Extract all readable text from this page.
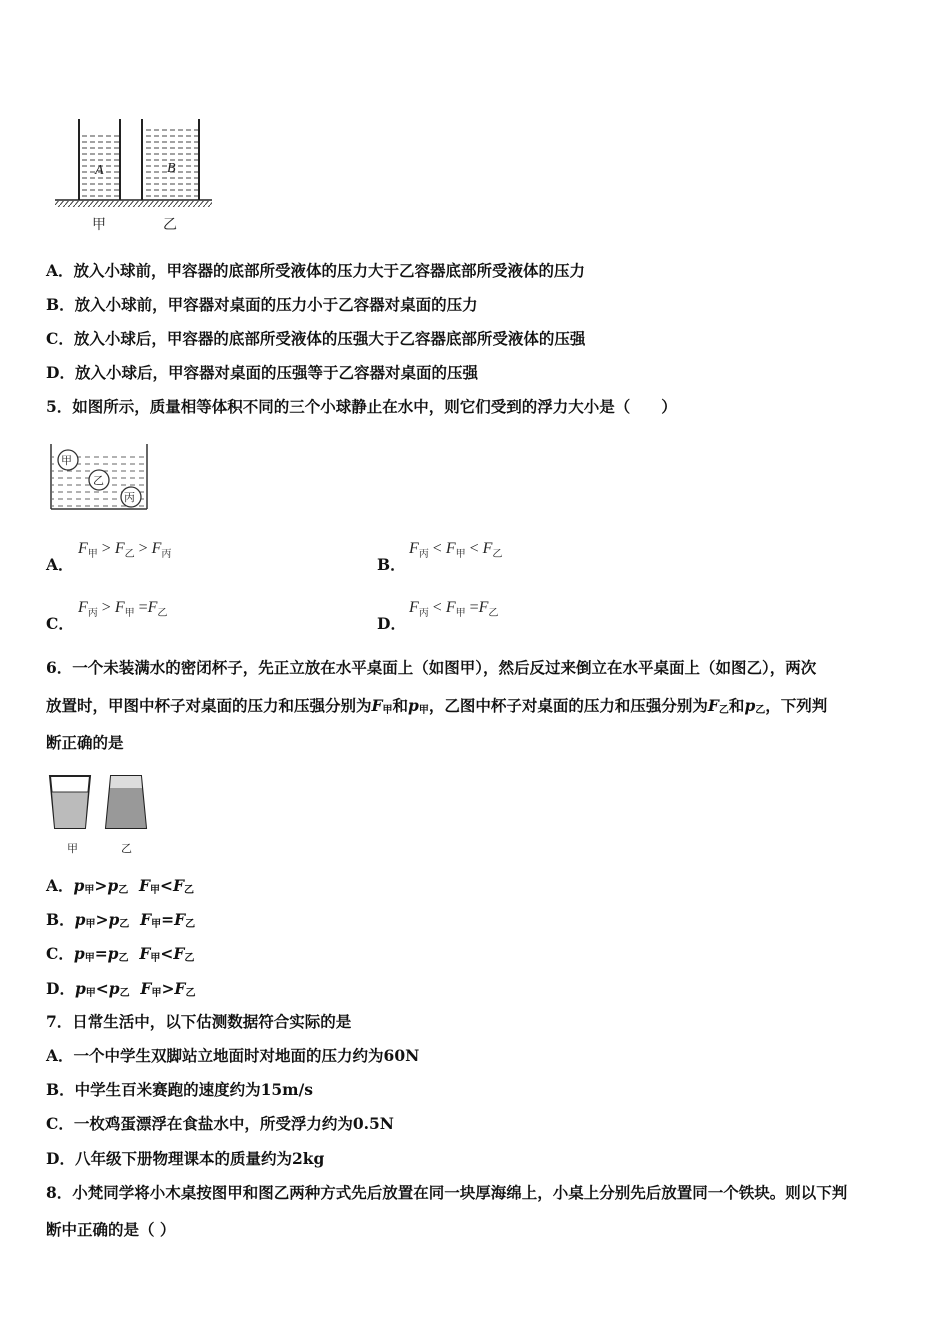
A	B
甲	乙
A．放入小球前，甲容器的底部所受液体的压力大于乙容器底部所受液体的压力
B．放入小球前，甲容器对桌面的压力小于乙容器对桌面的压力
C．放入小球后，甲容器的底部所受液体的压强大于乙容器底部所受液体的压强
D．放入小球后，甲容器对桌面的压强等于乙容器对桌面的压强
5．如图所示，质量相等体积不同的三个小球静止在水中，则它们受到的浮力大小是（　　）
甲
乙
丙
A．
$F_甲 > F_乙 > F_丙$
B．
$F_丙 < F_甲 < F_乙$
C．
$F_丙 > F_甲 =F_乙$
D．
$F_丙 < F_甲 =F_乙$
6．一个未装满水的密闭杯子，先正立放在水平桌面上（如图甲），然后反过来倒立在水平桌面上（如图乙），两次
放置时，甲图中杯子对桌面的压力和压强分别为$F_甲$和$p_甲$，乙图中杯子对桌面的压力和压强分别为$F_乙$和$p_乙$，下列判
断正确的是
甲	乙
A．$p_甲>p_乙$ $F_甲<F_乙$
B．$p_甲>p_乙$ $F_甲=F_乙$
C．$p_甲=p_乙$ $F_甲<F_乙$
D．$p_甲<p_乙$ $F_甲>F_乙$
7．日常生活中，以下估测数据符合实际的是
A．一个中学生双脚站立地面时对地面的压力约为60N
B．中学生百米赛跑的速度约为15m/s
C．一枚鸡蛋漂浮在食盐水中，所受浮力约为0.5N
D．八年级下册物理课本的质量约为2kg
8．小梵同学将小木桌按图甲和图乙两种方式先后放置在同一块厚海绵上，小桌上分别先后放置同一个铁块。则以下判
断中正确的是（ ）
